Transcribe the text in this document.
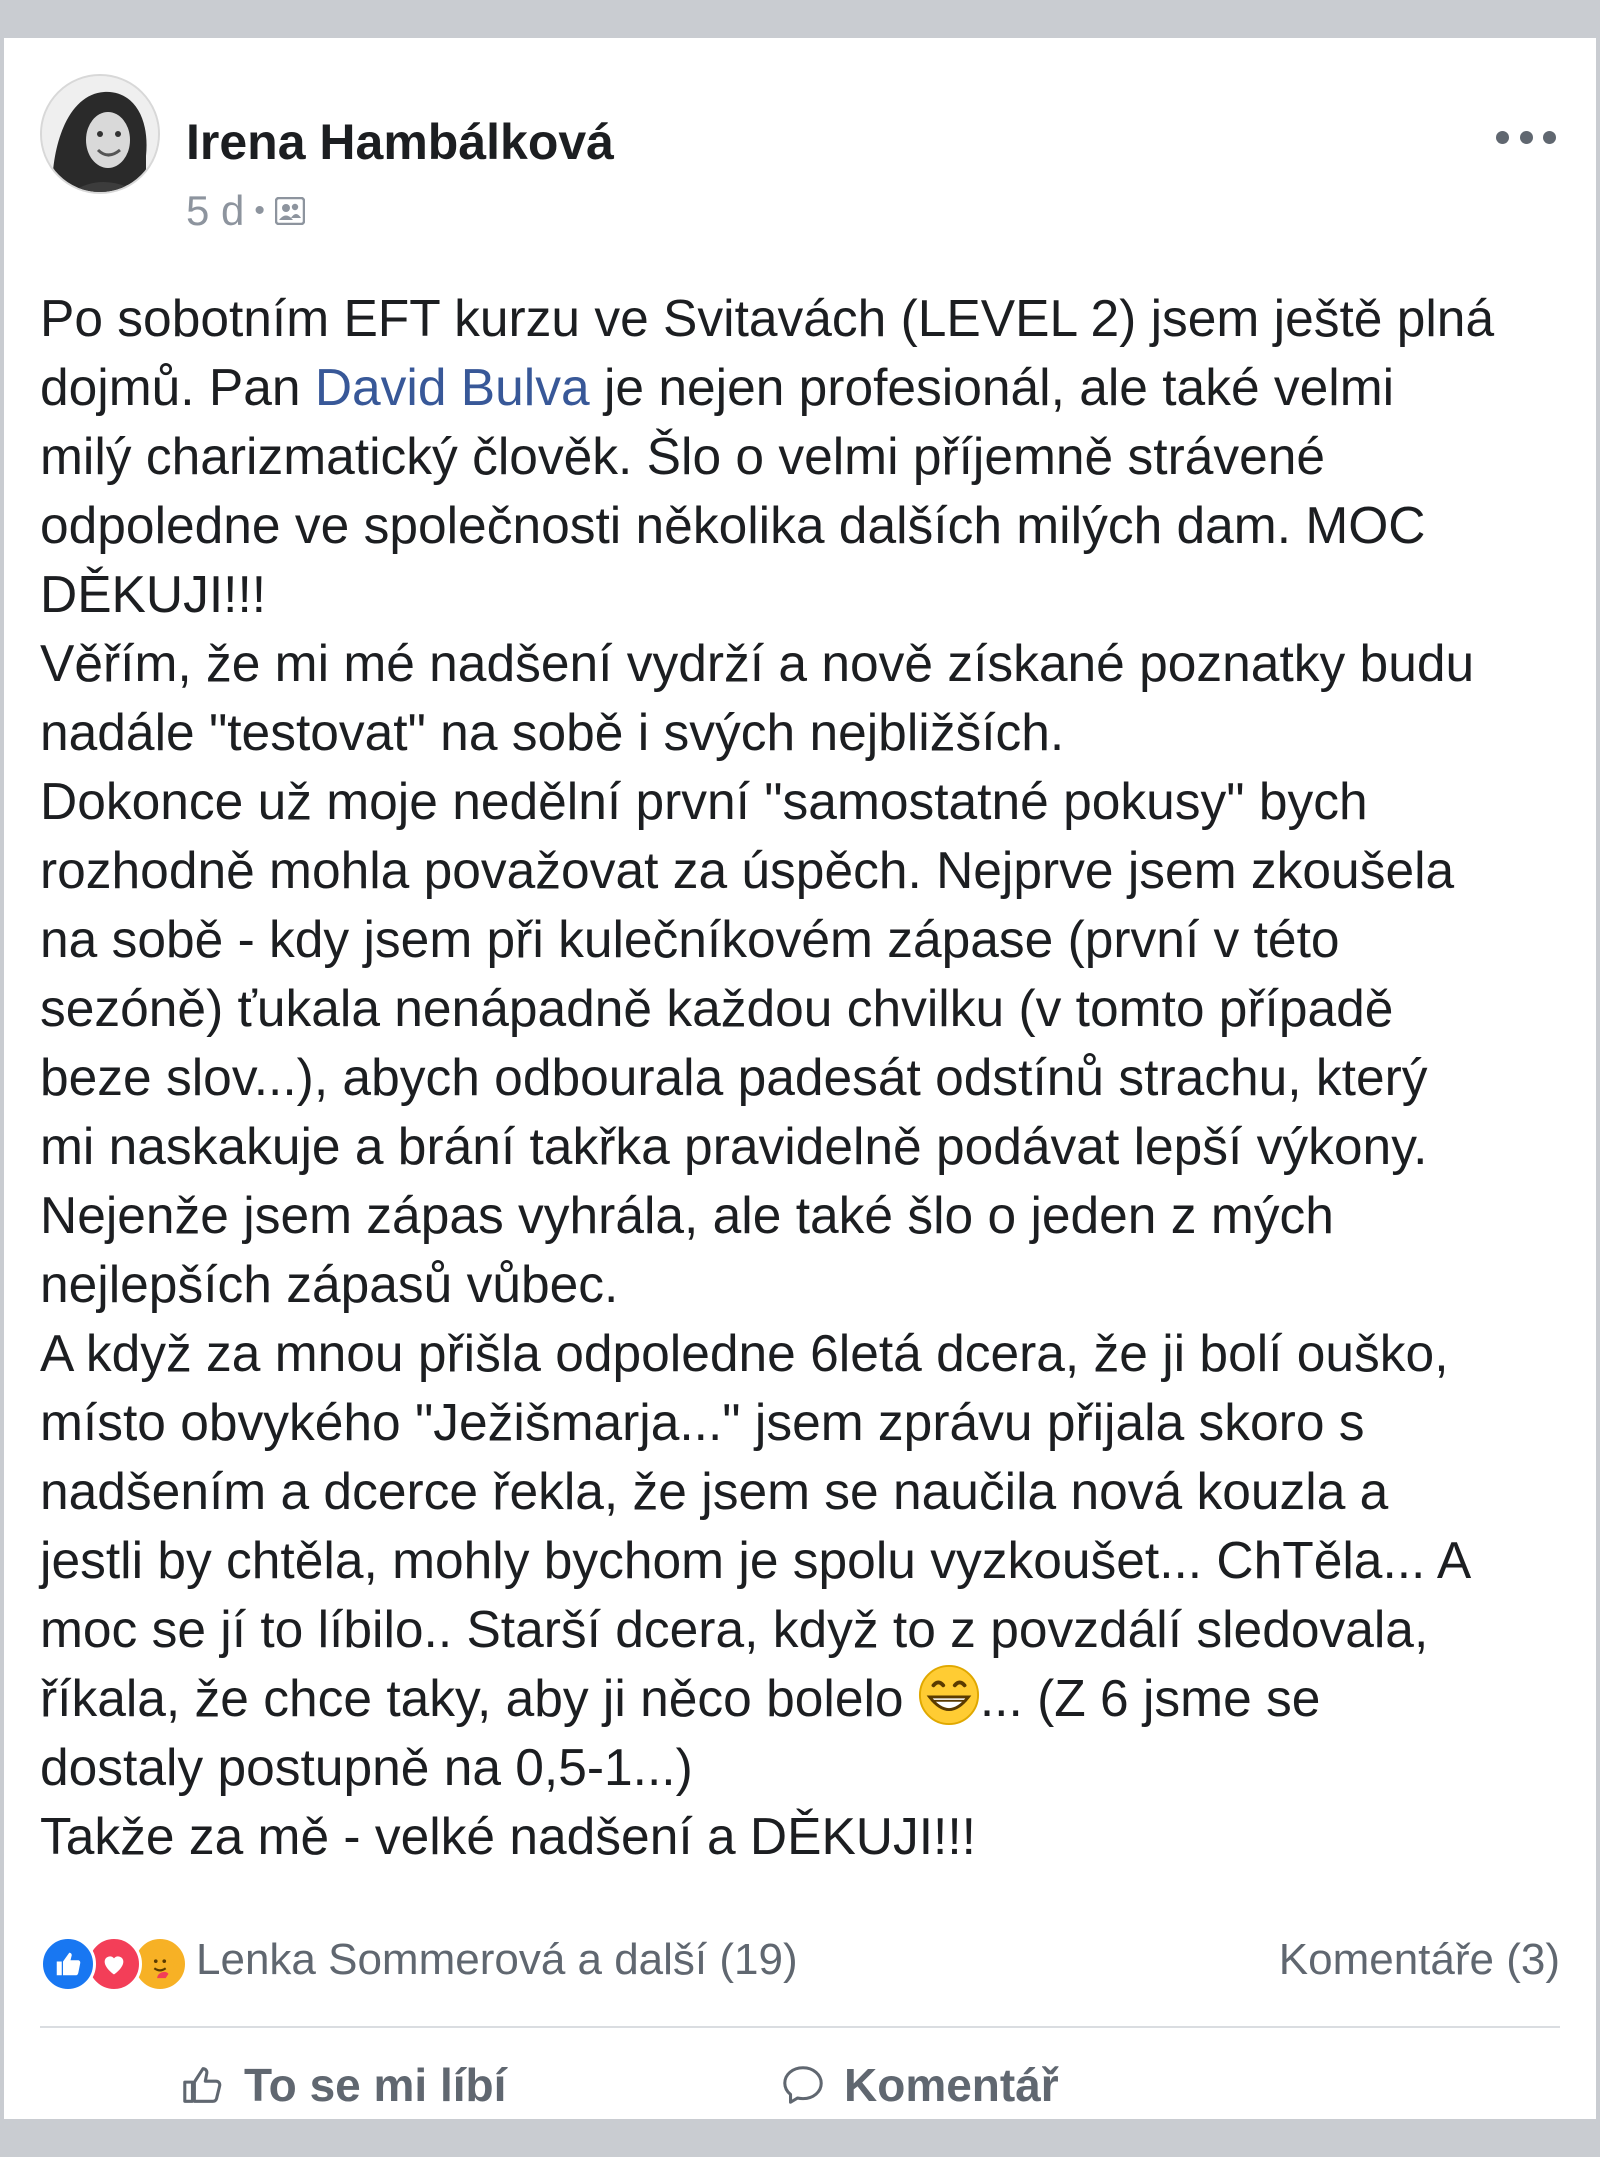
Irena Hambálková
5 d •
Po sobotním EFT kurzu ve Svitavách (LEVEL 2) jsem ještě plná
dojmů. Pan David Bulva je nejen profesionál, ale také velmi
milý charizmatický člověk. Šlo o velmi příjemně strávené
odpoledne ve společnosti několika dalších milých dam. MOC
DĚKUJI!!!
Věřím, že mi mé nadšení vydrží a nově získané poznatky budu
nadále "testovat" na sobě i svých nejbližších.
Dokonce už moje nedělní první "samostatné pokusy" bych
rozhodně mohla považovat za úspěch. Nejprve jsem zkoušela
na sobě - kdy jsem při kulečníkovém zápase (první v této
sezóně) ťukala nenápadně každou chvilku (v tomto případě
beze slov...), abych odbourala padesát odstínů strachu, který
mi naskakuje a brání takřka pravidelně podávat lepší výkony.
Nejenže jsem zápas vyhrála, ale také šlo o jeden z mých
nejlepších zápasů vůbec.
A když za mnou přišla odpoledne 6letá dcera, že ji bolí ouško,
místo obvykého "Ježišmarja..." jsem zprávu přijala skoro s
nadšením a dcerce řekla, že jsem se naučila nová kouzla a
jestli by chtěla, mohly bychom je spolu vyzkoušet... ChTěla... A
moc se jí to líbilo.. Starší dcera, když to z povzdálí sledovala,
říkala, že chce taky, aby ji něco bolelo ... (Z 6 jsme se
dostaly postupně na 0,5-1...)
Takže za mě - velké nadšení a DĚKUJI!!!
Lenka Sommerová a další (19)	Komentáře (3)
To se mi líbí	Komentář
